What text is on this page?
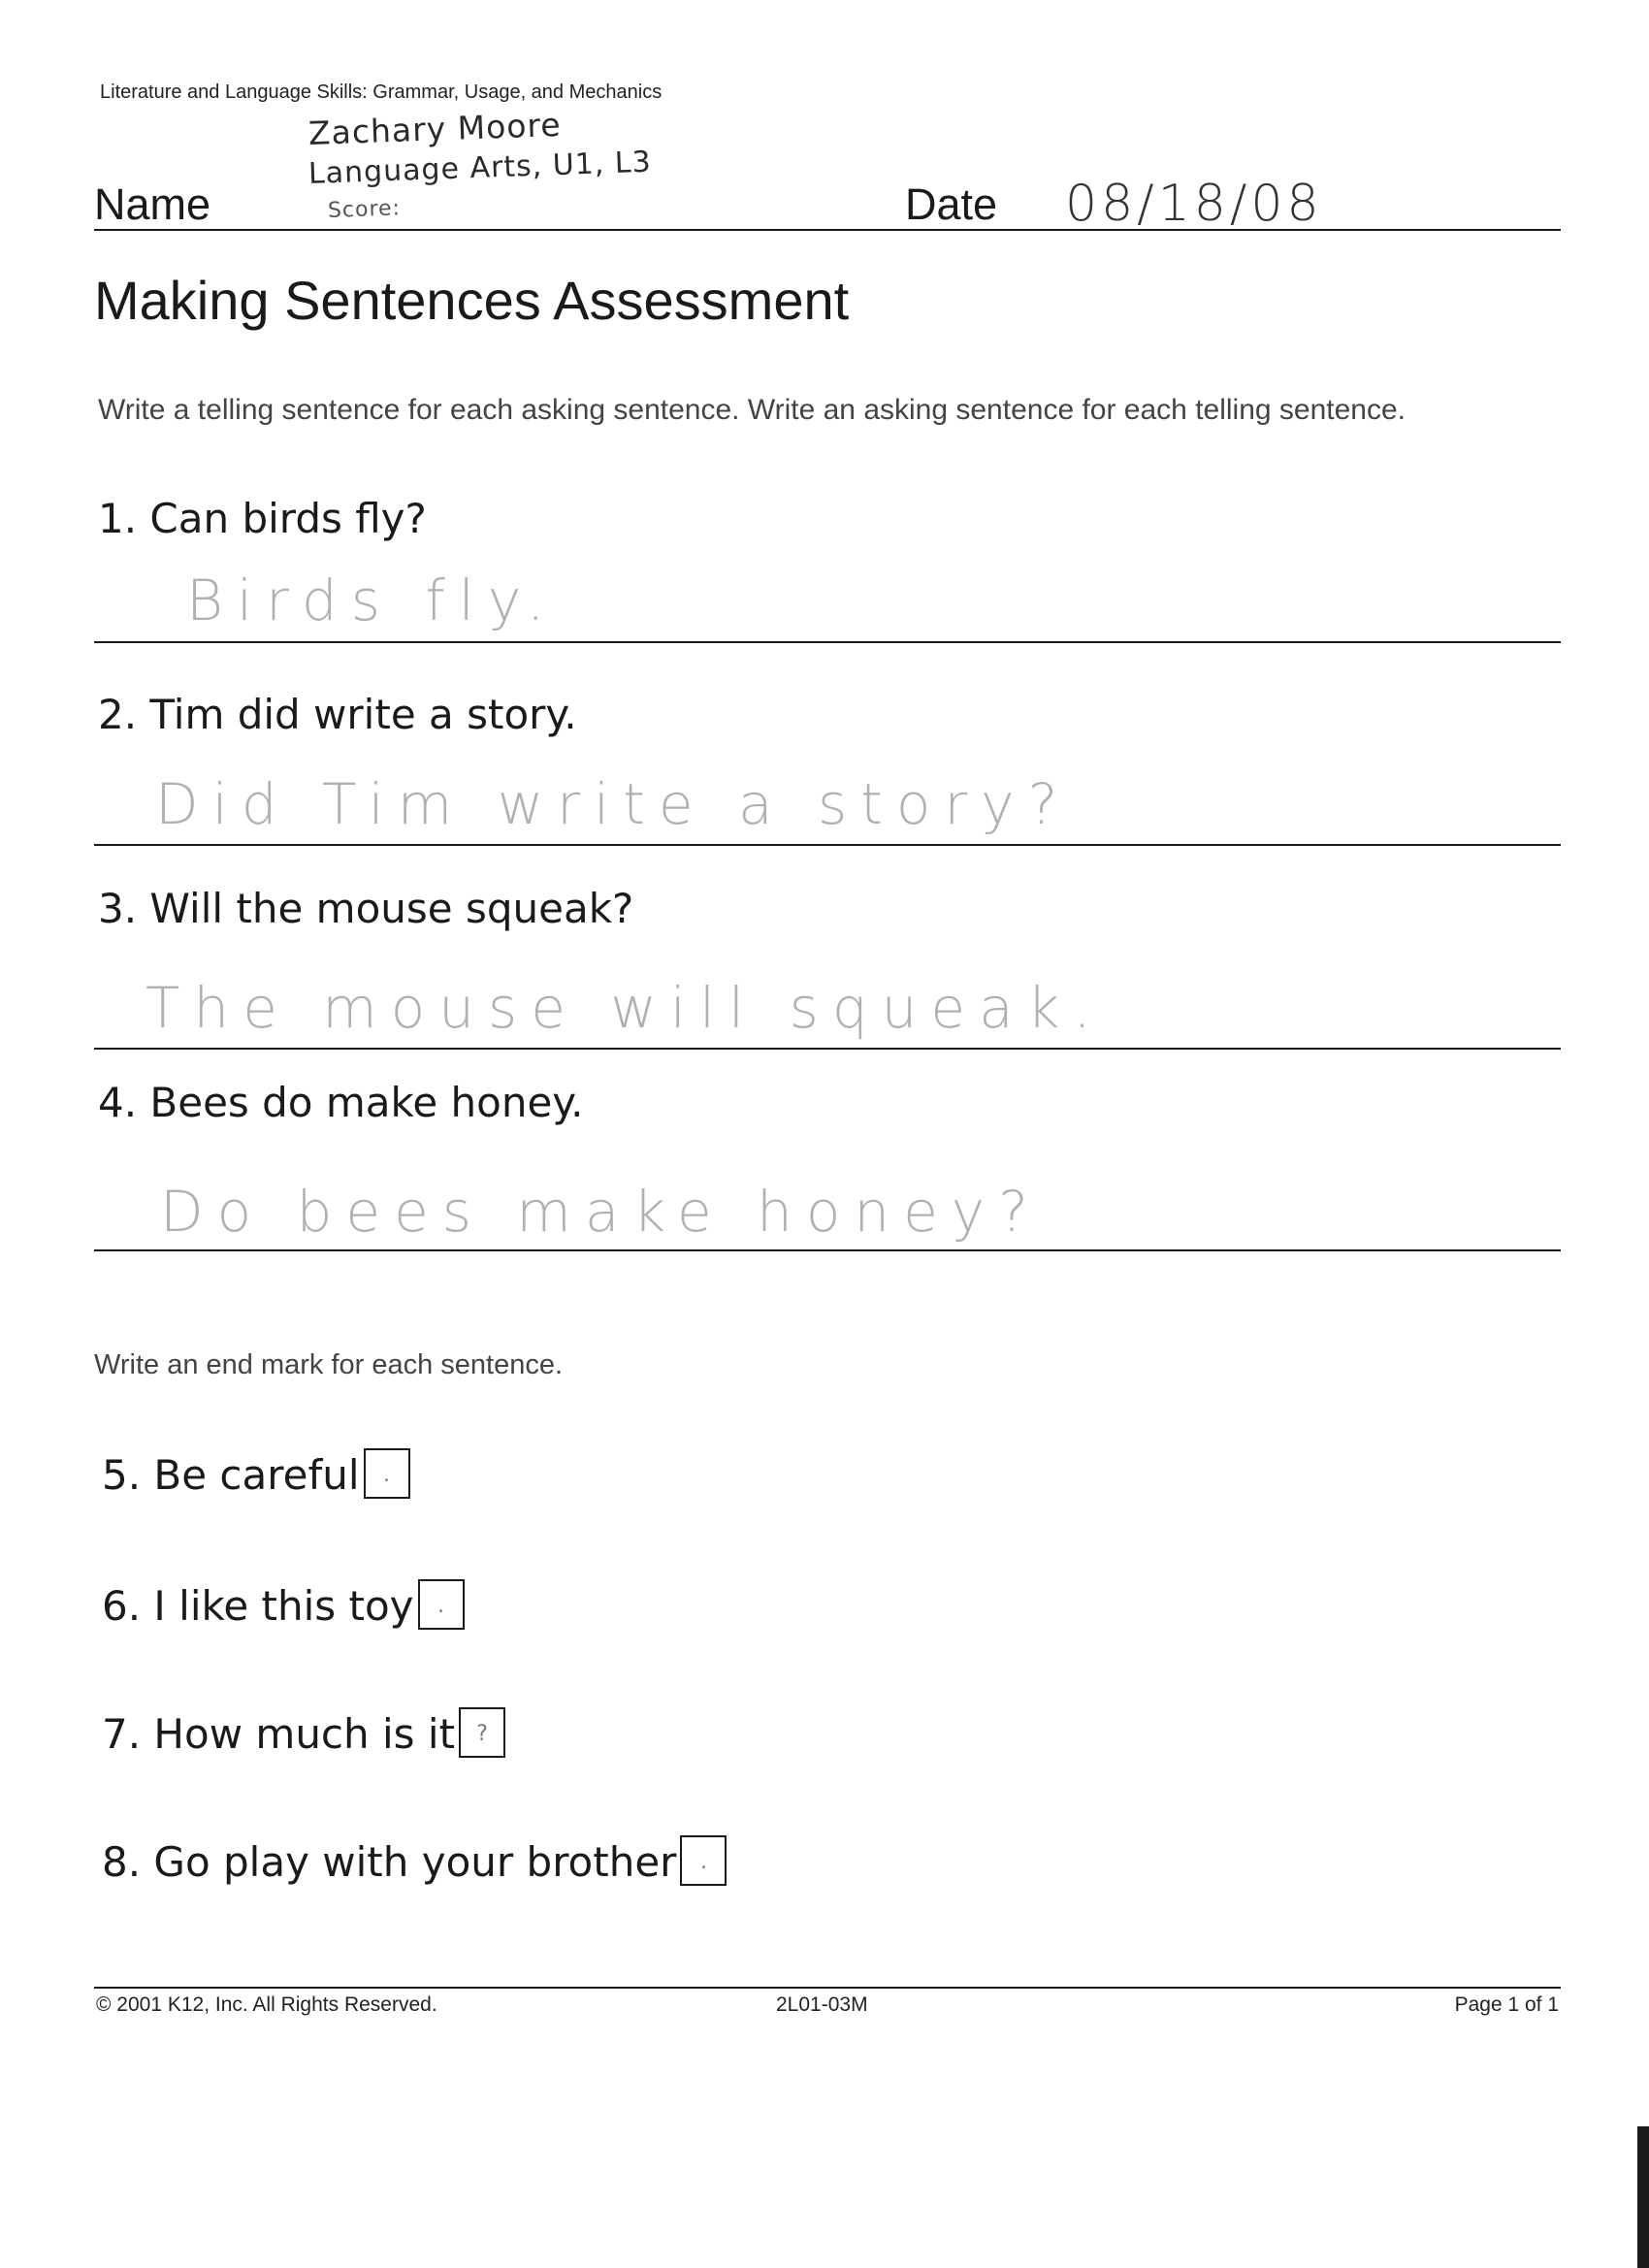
Literature and Language Skills: Grammar, Usage, and Mechanics
Zachary Moore
Language Arts, U1, L3
Score:
Name	Date 08/18/08
Making Sentences Assessment
Write a telling sentence for each asking sentence. Write an asking sentence for each telling sentence.
1. Can birds fly?
Birds fly.
2. Tim did write a story.
Did Tim write a story?
3. Will the mouse squeak?
The mouse will squeak.
4. Bees do make honey.
Do bees make honey?
Write an end mark for each sentence.
5. Be careful	.
6. I like this toy	.
7. How much is it	?
8. Go play with your brother	.
© 2001 K12, Inc. All Rights Reserved.	2L01-03M	Page 1 of 1
